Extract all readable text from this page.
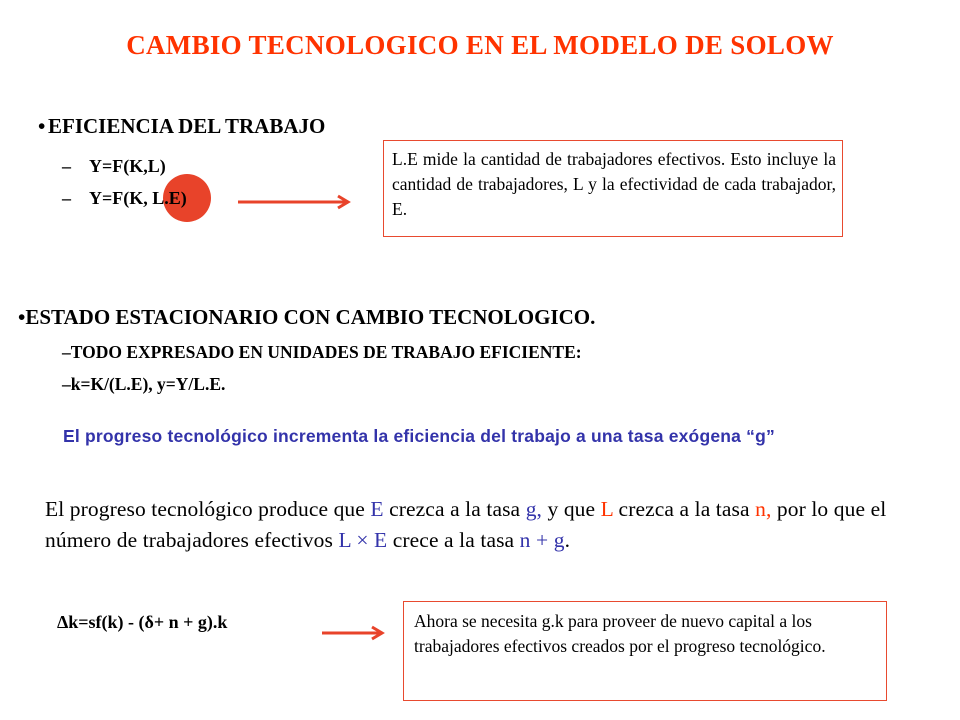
CAMBIO TECNOLOGICO EN EL MODELO DE SOLOW
• EFICIENCIA DEL TRABAJO
– Y=F(K,L)
– Y=F(K, L.E)
L.E mide la cantidad de trabajadores efectivos. Esto incluye la cantidad de trabajadores, L y la efectividad de cada trabajador, E.
•ESTADO ESTACIONARIO CON CAMBIO TECNOLOGICO.
–TODO EXPRESADO EN UNIDADES DE TRABAJO EFICIENTE:
–k=K/(L.E), y=Y/L.E.
El progreso tecnológico incrementa la eficiencia del trabajo a una tasa exógena “g”
El progreso tecnológico produce que E crezca a la tasa g, y que L crezca a la tasa n, por lo que el número de trabajadores efectivos L × E crece a la tasa n + g.
Δk=sf(k) - (δ+ n + g).k	Ahora se necesita g.k para proveer de nuevo capital a los trabajadores efectivos creados por el progreso tecnológico.
